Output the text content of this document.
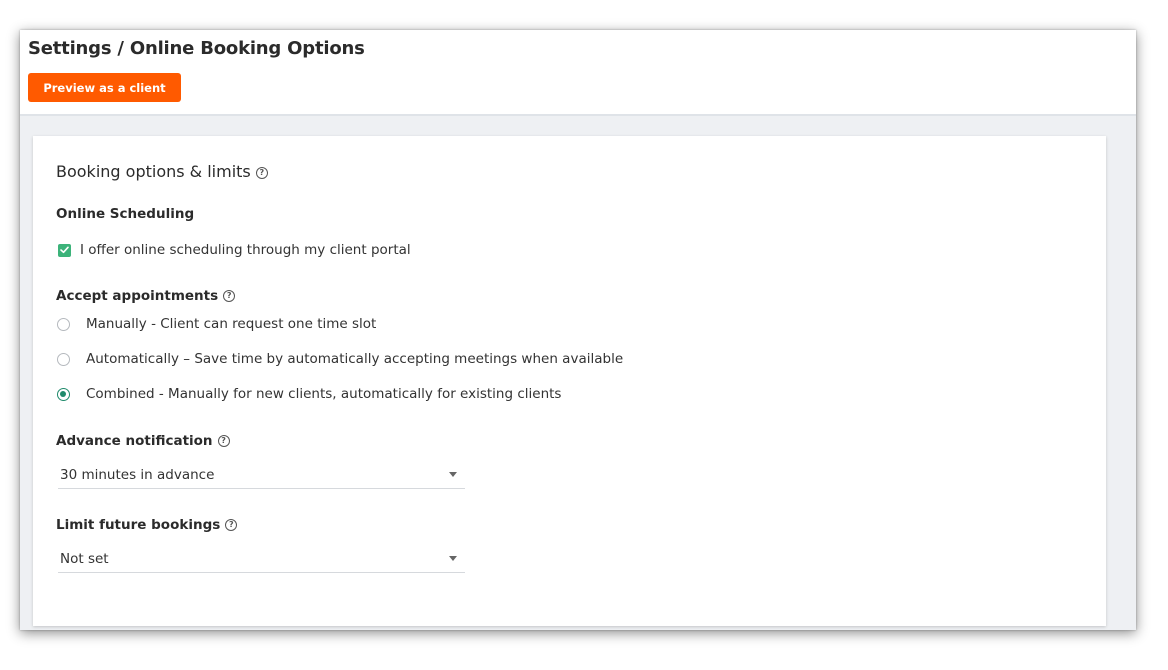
Settings / Online Booking Options
Preview as a client
Booking options & limits ?
Online Scheduling
I offer online scheduling through my client portal
Accept appointments ?
Manually - Client can request one time slot
Automatically – Save time by automatically accepting meetings when available
Combined - Manually for new clients, automatically for existing clients
Advance notification ?
30 minutes in advance
Limit future bookings ?
Not set
